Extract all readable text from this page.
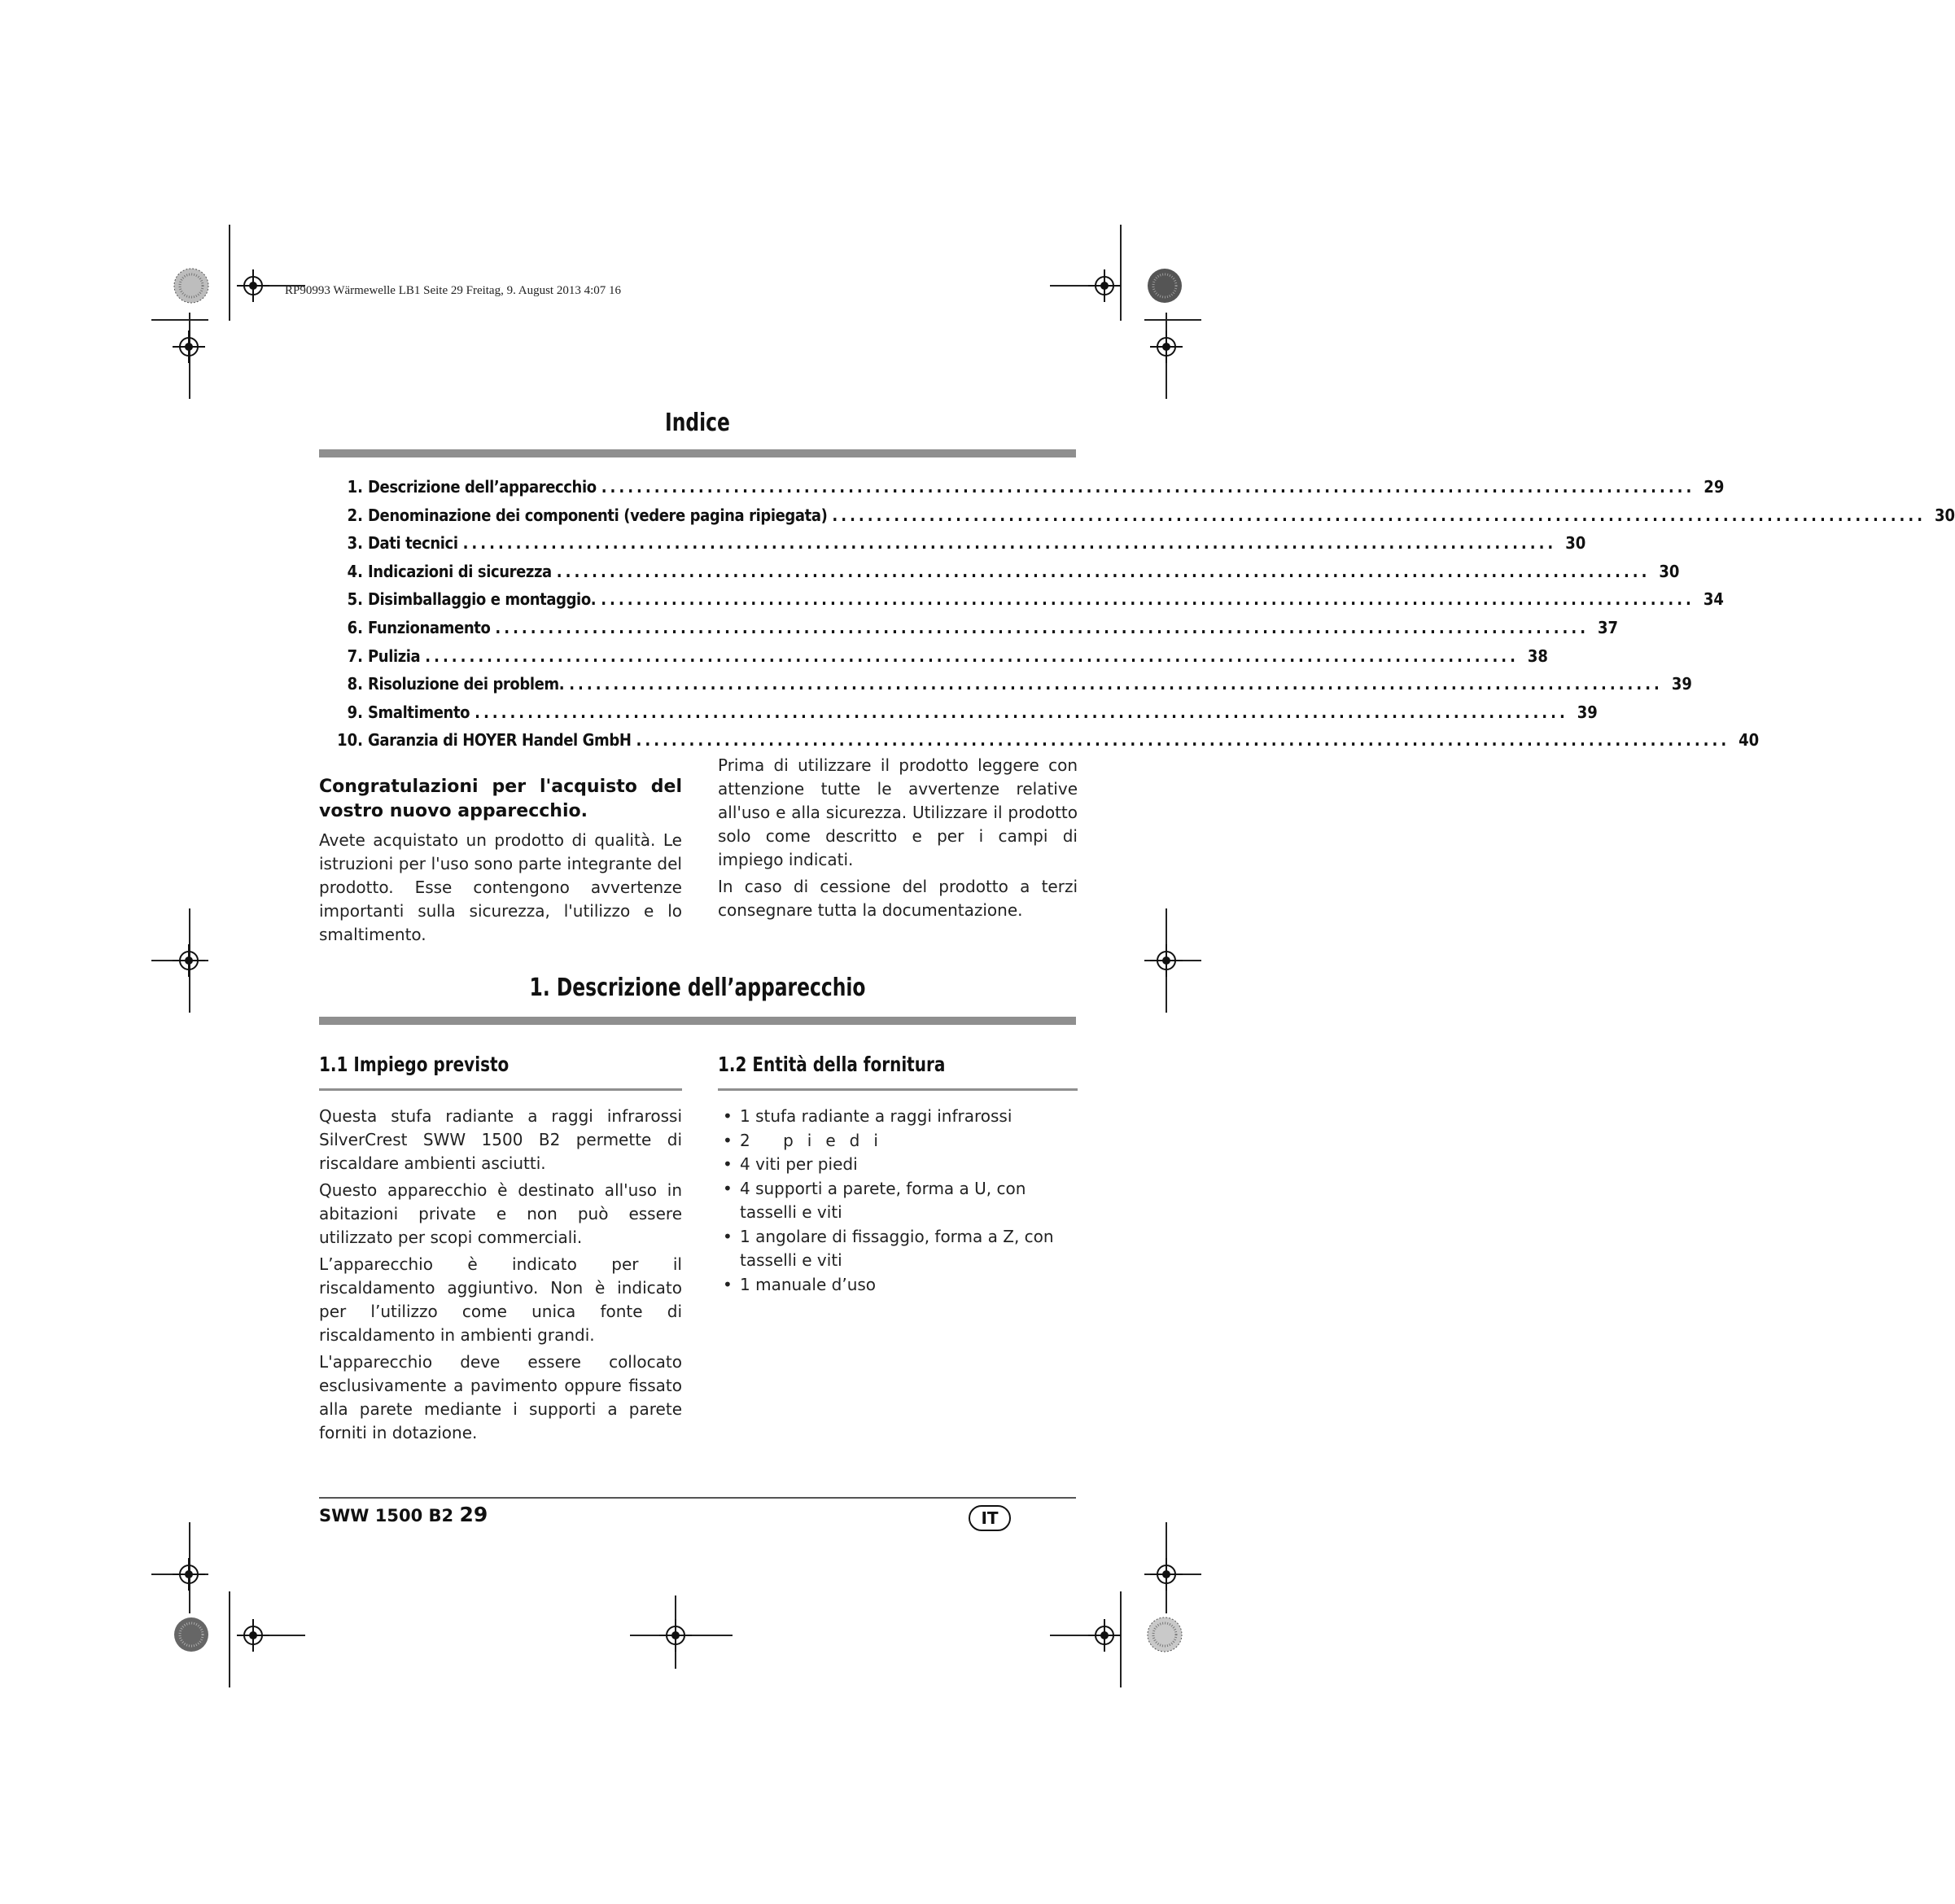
RP90993 Wärmewelle LB1 Seite 29 Freitag, 9. August 2013 4:07 16
Indice
1. Descrizione dell’apparecchio ............................................................................................................................ 29
2. Denominazione dei componenti (vedere pagina ripiegata) ............................................................................................................................ 30
3. Dati tecnici ............................................................................................................................ 30
4. Indicazioni di sicurezza ............................................................................................................................ 30
5. Disimballaggio e montaggio. ............................................................................................................................ 34
6. Funzionamento ............................................................................................................................ 37
7. Pulizia ............................................................................................................................ 38
8. Risoluzione dei problem. ............................................................................................................................ 39
9. Smaltimento ............................................................................................................................ 39
10. Garanzia di HOYER Handel GmbH ............................................................................................................................ 40
Congratulazioni per l'acquisto del vostro nuovo apparecchio.

Avete acquistato un prodotto di qualità. Le istruzioni per l'uso sono parte integrante del prodotto. Esse contengono avvertenze importanti sulla sicurezza, l'utilizzo e lo smaltimento.

Prima di utilizzare il prodotto leggere con attenzione tutte le avvertenze relative all'uso e alla sicurezza. Utilizzare il prodotto solo come descritto e per i campi di impiego indicati.

In caso di cessione del prodotto a terzi consegnare tutta la documentazione.

1. Descrizione dell’apparecchio
1.1 Impiego previsto	1.2 Entità della fornitura

Questa stufa radiante a raggi infrarossi SilverCrest SWW 1500 B2 permette di riscaldare ambienti asciutti.

Questo apparecchio è destinato all'uso in abitazioni private e non può essere utilizzato per scopi commerciali.

L’apparecchio è indicato per il riscaldamento aggiuntivo. Non è indicato per l’utilizzo come unica fonte di riscaldamento in ambienti grandi.

L'apparecchio deve essere collocato esclusivamente a pavimento oppure fissato alla parete mediante i supporti a parete forniti in dotazione.

• 1 stufa radiante a raggi infrarossi
• 2 piedi
• 4 viti per piedi
• 4 supporti a parete, forma a U, con tasselli e viti
• 1 angolare di fissaggio, forma a Z, con tasselli e viti
• 1 manuale d’uso
SWW 1500 B2 29	IT
